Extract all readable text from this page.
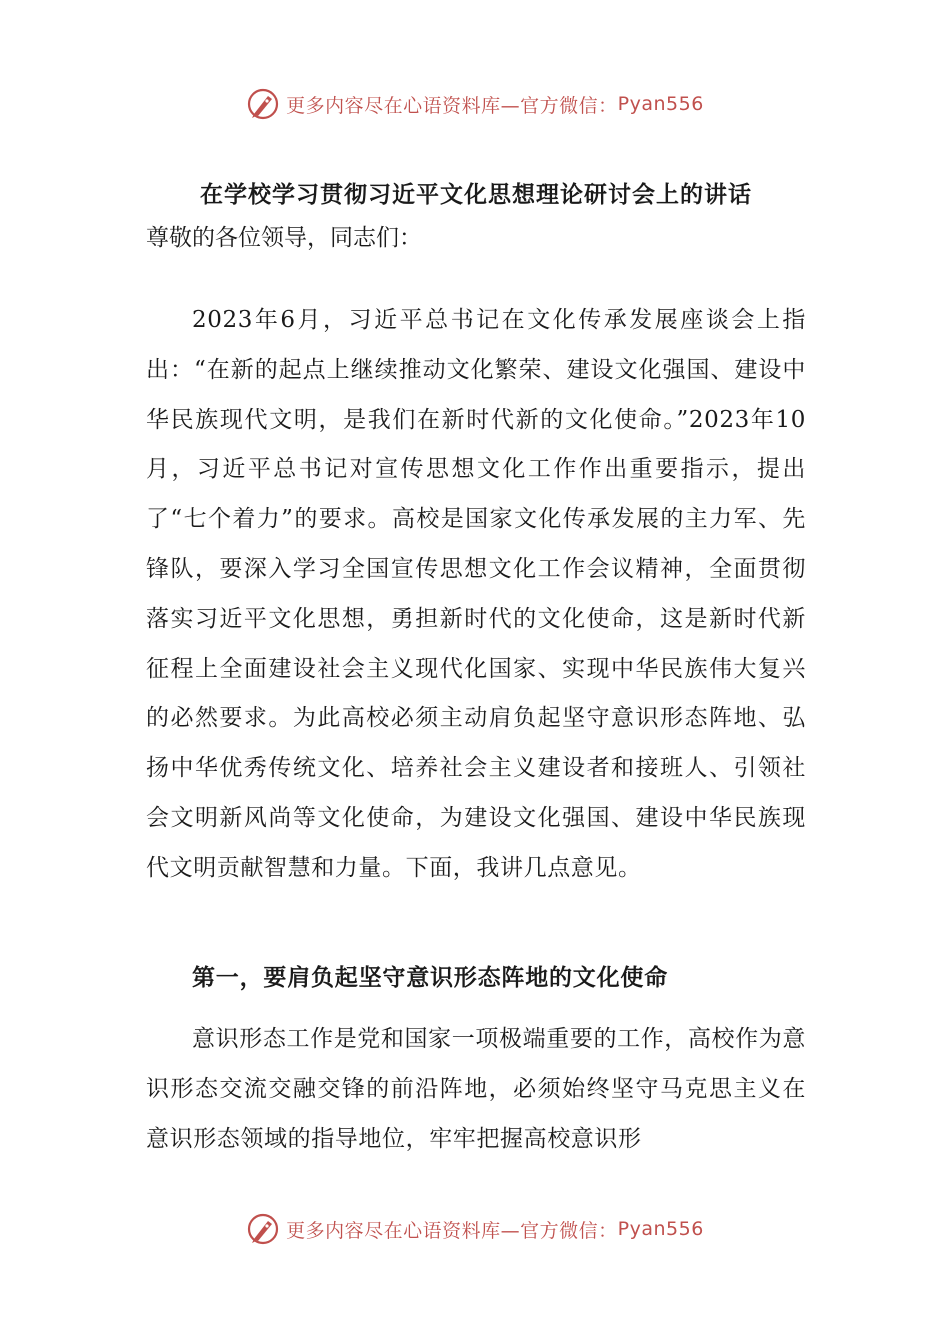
更多内容尽在心语资料库—官方微信： Pyan556
在学校学习贯彻习近平文化思想理论研讨会上的讲话
尊敬的各位领导，同志们：

2023年6月，习近平总书记在文化传承发展座谈会上指出：“在新的起点上继续推动文化繁荣、建设文化强国、建设中华民族现代文明，是我们在新时代新的文化使命。”2023年10月，习近平总书记对宣传思想文化工作作出重要指示，提出了“七个着力”的要求。高校是国家文化传承发展的主力军、先锋队，要深入学习全国宣传思想文化工作会议精神，全面贯彻落实习近平文化思想，勇担新时代的文化使命，这是新时代新征程上全面建设社会主义现代化国家、实现中华民族伟大复兴的必然要求。为此高校必须主动肩负起坚守意识形态阵地、弘扬中华优秀传统文化、培养社会主义建设者和接班人、引领社会文明新风尚等文化使命，为建设文化强国、建设中华民族现代文明贡献智慧和力量。下面，我讲几点意见。

第一，要肩负起坚守意识形态阵地的文化使命

意识形态工作是党和国家一项极端重要的工作，高校作为意识形态交流交融交锋的前沿阵地，必须始终坚守马克思主义在意识形态领域的指导地位，牢牢把握高校意识形

更多内容尽在心语资料库—官方微信： Pyan556
